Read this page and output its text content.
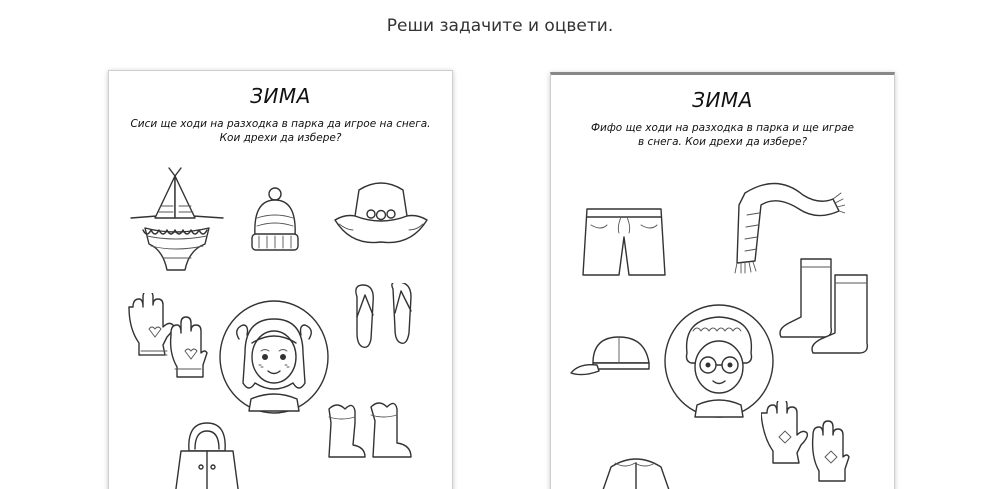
Реши задачите и оцвети.
ЗИМА
Сиси ще ходи на разходка в парка да игрое на снега.
Кои дрехи да избере?
ЗИМА
Фифо ще ходи на разходка в парка и ще играе
в снега. Кои дрехи да избере?
